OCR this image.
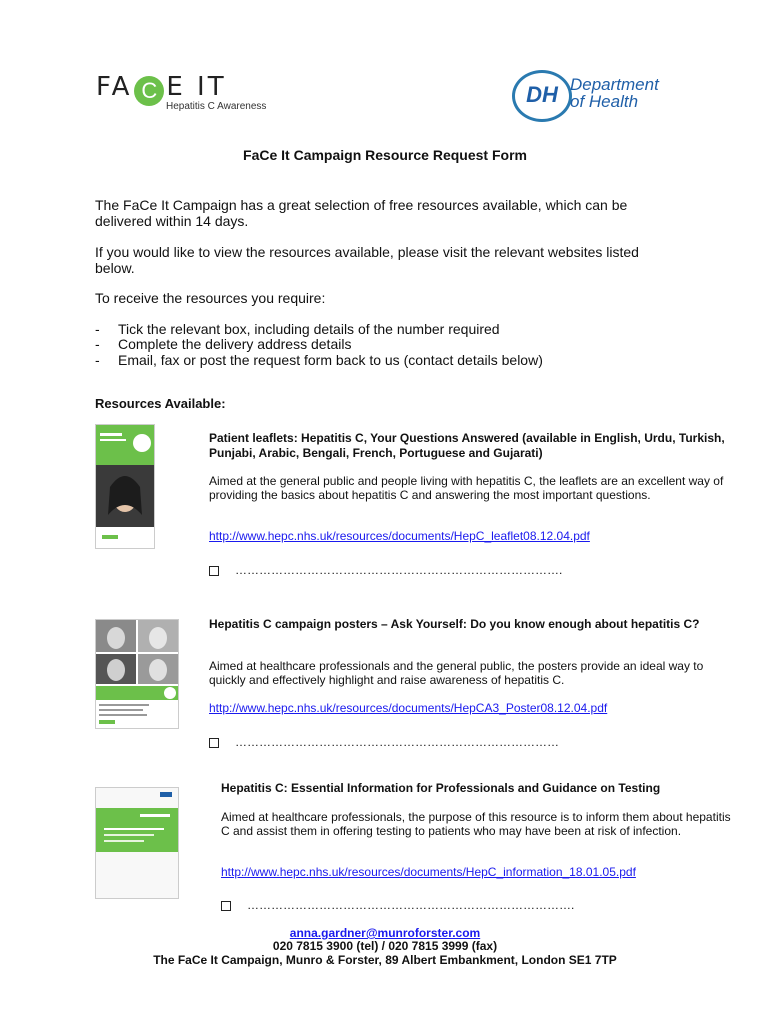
FA C E IT
Hepatitis C Awareness	DH Department
of Health
FaCe It Campaign Resource Request Form
The FaCe It Campaign has a great selection of free resources available, which can be delivered within 14 days.
If you would like to view the resources available, please visit the relevant websites listed below.
To receive the resources you require:
- Tick the relevant box, including details of the number required
- Complete the delivery address details
- Email, fax or post the request form back to us (contact details below)
Resources Available:
Patient leaflets: Hepatitis C, Your Questions Answered (available in English, Urdu, Turkish, Punjabi, Arabic, Bengali, French, Portuguese and Gujarati)
Aimed at the general public and people living with hepatitis C, the leaflets are an excellent way of providing the basics about hepatitis C and answering the most important questions.
http://www.hepc.nhs.uk/resources/documents/HepC_leaflet08.12.04.pdf
……………………………………………………………………….
Hepatitis C campaign posters – Ask Yourself: Do you know enough about hepatitis C?
Aimed at healthcare professionals and the general public, the posters provide an ideal way to quickly and effectively highlight and raise awareness of hepatitis C.
http://www.hepc.nhs.uk/resources/documents/HepCA3_Poster08.12.04.pdf
………………………………………………………………………
Hepatitis C: Essential Information for Professionals and Guidance on Testing
Aimed at healthcare professionals, the purpose of this resource is to inform them about hepatitis C and assist them in offering testing to patients who may have been at risk of infection.
http://www.hepc.nhs.uk/resources/documents/HepC_information_18.01.05.pdf
……………………………………………………………………….
anna.gardner@munroforster.com
020 7815 3900 (tel) / 020 7815 3999 (fax)
The FaCe It Campaign, Munro & Forster, 89 Albert Embankment, London SE1 7TP
